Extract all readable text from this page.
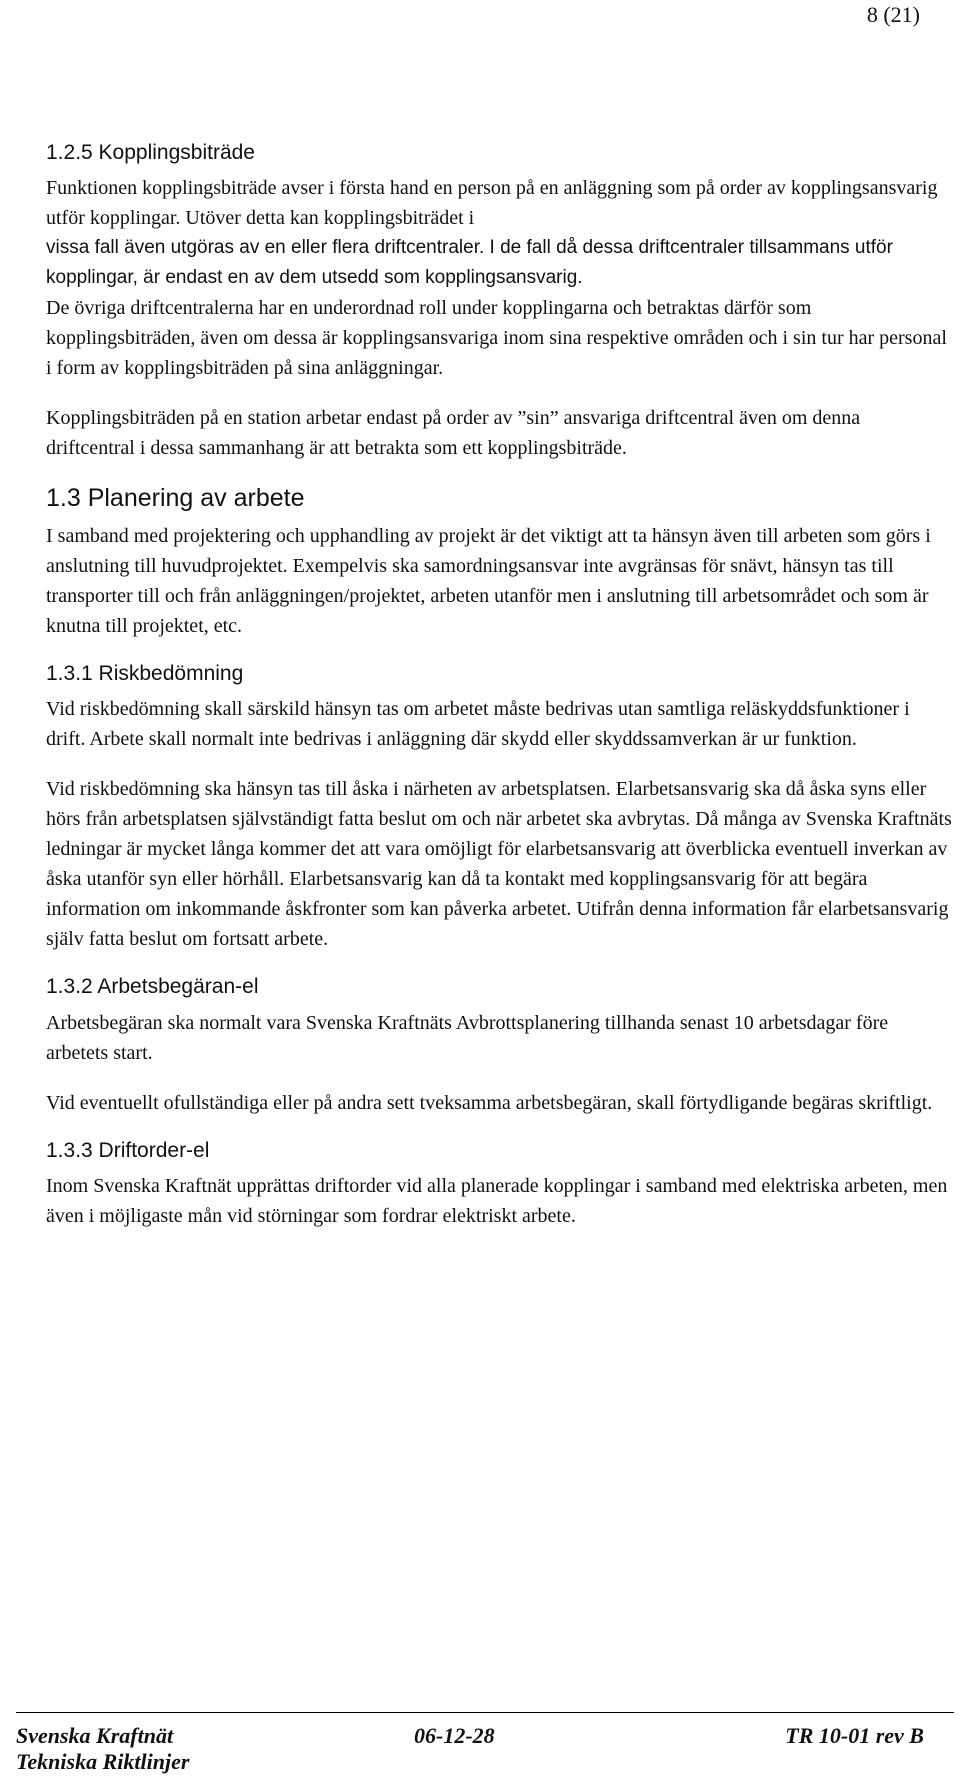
8 (21)
1.2.5 Kopplingsbiträde

Funktionen kopplingsbiträde avser i första hand en person på en anläggning som på order av kopplingsansvarig utför kopplingar. Utöver detta kan kopplingsbiträdet i

vissa fall även utgöras av en eller flera driftcentraler. I de fall då dessa driftcentraler tillsammans utför kopplingar, är endast en av dem utsedd som kopplingsansvarig.

De övriga driftcentralerna har en underordnad roll under kopplingarna och betraktas därför som kopplingsbiträden, även om dessa är kopplingsansvariga inom sina respektive områden och i sin tur har personal i form av kopplingsbiträden på sina anläggningar.

Kopplingsbiträden på en station arbetar endast på order av ”sin” ansvariga driftcentral även om denna driftcentral i dessa sammanhang är att betrakta som ett kopplingsbiträde.

1.3 Planering av arbete

I samband med projektering och upphandling av projekt är det viktigt att ta hänsyn även till arbeten som görs i anslutning till huvudprojektet. Exempelvis ska samordningsansvar inte avgränsas för snävt, hänsyn tas till transporter till och från anläggningen/projektet, arbeten utanför men i anslutning till arbetsområdet och som är knutna till projektet, etc.

1.3.1 Riskbedömning

Vid riskbedömning skall särskild hänsyn tas om arbetet måste bedrivas utan samtliga reläskyddsfunktioner i drift. Arbete skall normalt inte bedrivas i anläggning där skydd eller skyddssamverkan är ur funktion.

Vid riskbedömning ska hänsyn tas till åska i närheten av arbetsplatsen. Elarbetsansvarig ska då åska syns eller hörs från arbetsplatsen självständigt fatta beslut om och när arbetet ska avbrytas. Då många av Svenska Kraftnäts ledningar är mycket långa kommer det att vara omöjligt för elarbetsansvarig att överblicka eventuell inverkan av åska utanför syn eller hörhåll. Elarbetsansvarig kan då ta kontakt med kopplingsansvarig för att begära information om inkommande åskfronter som kan påverka arbetet. Utifrån denna information får elarbetsansvarig själv fatta beslut om fortsatt arbete.

1.3.2 Arbetsbegäran-el

Arbetsbegäran ska normalt vara Svenska Kraftnäts Avbrottsplanering tillhanda senast 10 arbetsdagar före arbetets start.

Vid eventuellt ofullständiga eller på andra sett tveksamma arbetsbegäran, skall förtydligande begäras skriftligt.

1.3.3 Driftorder-el

Inom Svenska Kraftnät upprättas driftorder vid alla planerade kopplingar i samband med elektriska arbeten, men även i möjligaste mån vid störningar som fordrar elektriskt arbete.

Svenska Kraftnät	06-12-28	TR 10-01 rev B
Tekniska Riktlinjer
